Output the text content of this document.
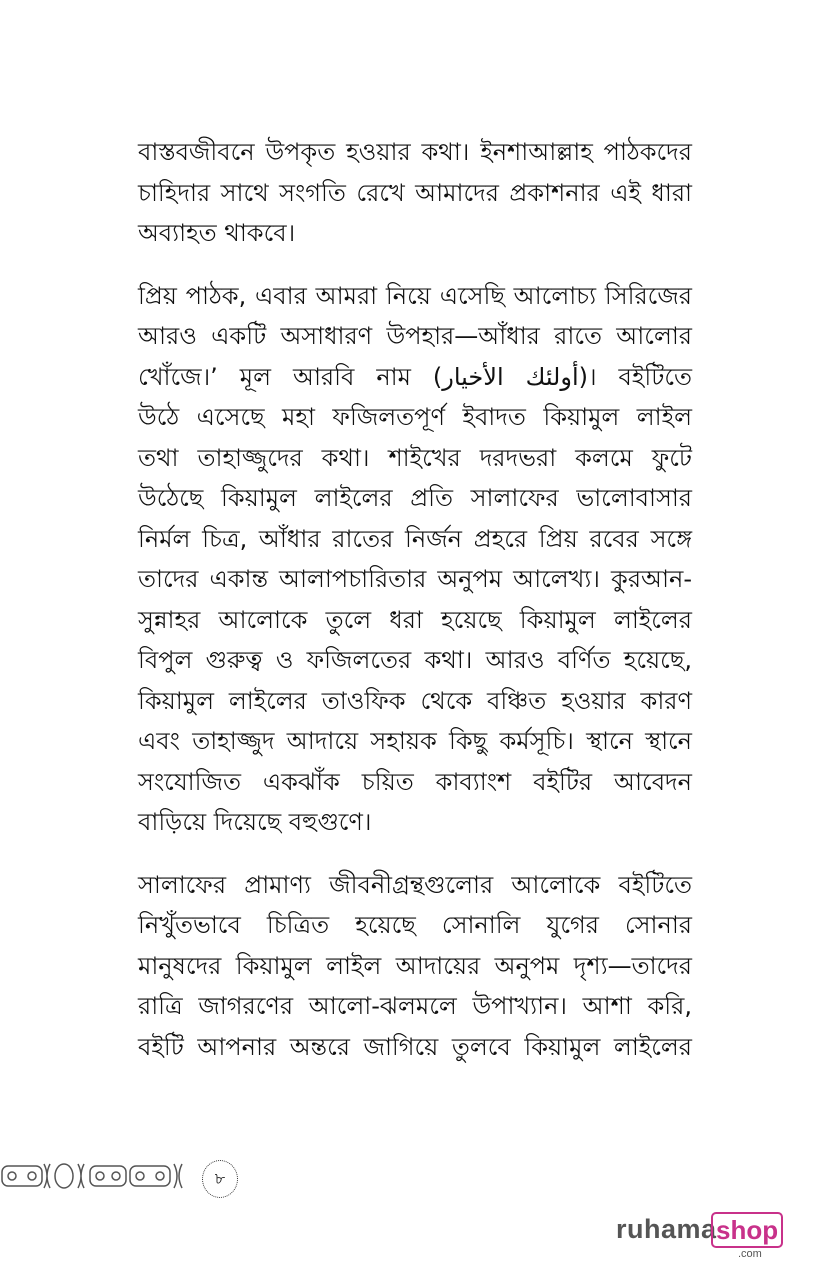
বাস্তবজীবনে উপকৃত হওয়ার কথা। ইনশাআল্লাহ পাঠকদের
চাহিদার সাথে সংগতি রেখে আমাদের প্রকাশনার এই ধারা
অব্যাহত থাকবে।
প্রিয় পাঠক, এবার আমরা নিয়ে এসেছি আলোচ্য সিরিজের
আরও একটি অসাধারণ উপহার—আঁধার রাতে আলোর
খোঁজে।’ মূল আরবি নাম (أولئك الأخيار)। বইটিতে
উঠে এসেছে মহা ফজিলতপূর্ণ ইবাদত কিয়ামুল লাইল
তথা তাহাজ্জুদের কথা। শাইখের দরদভরা কলমে ফুটে
উঠেছে কিয়ামুল লাইলের প্রতি সালাফের ভালোবাসার
নির্মল চিত্র, আঁধার রাতের নির্জন প্রহরে প্রিয় রবের সঙ্গে
তাদের একান্ত আলাপচারিতার অনুপম আলেখ্য। কুরআন-
সুন্নাহর আলোকে তুলে ধরা হয়েছে কিয়ামুল লাইলের
বিপুল গুরুত্ব ও ফজিলতের কথা। আরও বর্ণিত হয়েছে,
কিয়ামুল লাইলের তাওফিক থেকে বঞ্চিত হওয়ার কারণ
এবং তাহাজ্জুদ আদায়ে সহায়ক কিছু কর্মসূচি। স্থানে স্থানে
সংযোজিত একঝাঁক চয়িত কাব্যাংশ বইটির আবেদন
বাড়িয়ে দিয়েছে বহুগুণে।
সালাফের প্রামাণ্য জীবনীগ্রন্থগুলোর আলোকে বইটিতে
নিখুঁতভাবে চিত্রিত হয়েছে সোনালি যুগের সোনার
মানুষদের কিয়ামুল লাইল আদায়ের অনুপম দৃশ্য—তাদের
রাত্রি জাগরণের আলো-ঝলমলে উপাখ্যান। আশা করি,
বইটি আপনার অন্তরে জাগিয়ে তুলবে কিয়ামুল লাইলের
৮
ruhama shop
.com
